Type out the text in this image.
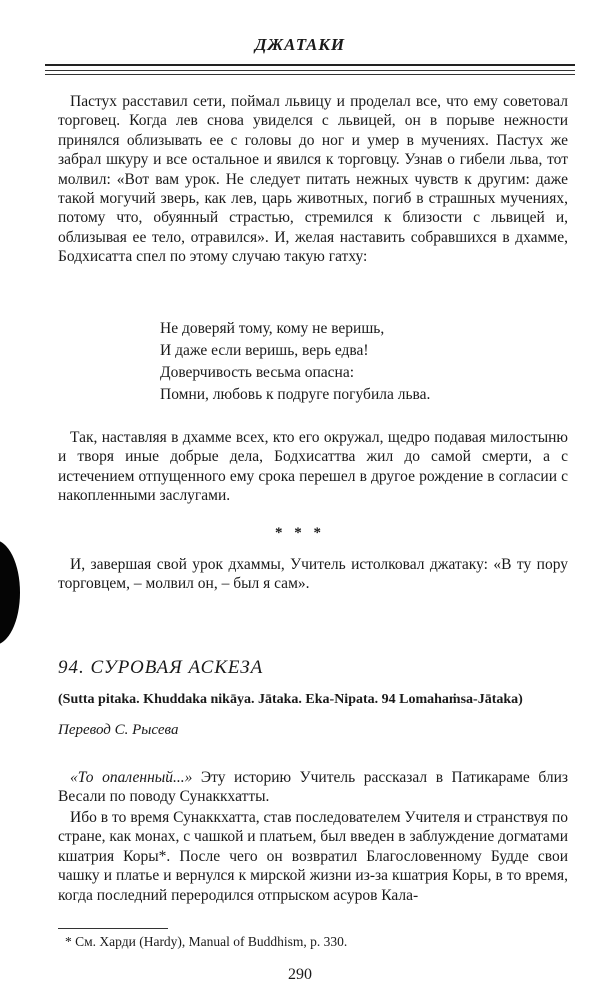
ДЖАТАКИ
Пастух расставил сети, поймал львицу и проделал все, что ему советовал торговец. Когда лев снова увиделся с львицей, он в порыве нежности принялся облизывать ее с головы до ног и умер в мучениях. Пастух же забрал шкуру и все остальное и явился к торговцу. Узнав о гибели льва, тот молвил: «Вот вам урок. Не следует питать нежных чувств к другим: даже такой могучий зверь, как лев, царь животных, погиб в страшных мучениях, потому что, обуянный страстью, стремился к близости с львицей и, облизывая ее тело, отравился». И, желая наставить собравшихся в дхамме, Бодхисатта спел по этому случаю такую гатху:
Не доверяй тому, кому не веришь,
И даже если веришь, верь едва!
Доверчивость весьма опасна:
Помни, любовь к подруге погубила льва.
Так, наставляя в дхамме всех, кто его окружал, щедро подавая милостыню и творя иные добрые дела, Бодхисаттва жил до самой смерти, а с истечением отпущенного ему срока перешел в другое рождение в согласии с накопленными заслугами.
* * *
И, завершая свой урок дхаммы, Учитель истолковал джатаку: «В ту пору торговцем, – молвил он, – был я сам».
94. СУРОВАЯ АСКЕЗА
(Sutta pitaka. Khuddaka nikāya. Jātaka. Eka-Nipata. 94 Lomahaṁsa-Jātaka)
Перевод С. Рысева
«То опаленный...» Эту историю Учитель рассказал в Патикараме близ Весали по поводу Сунаккхатты.
Ибо в то время Сунаккхатта, став последователем Учителя и странствуя по стране, как монах, с чашкой и платьем, был введен в заблуждение догматами кшатрия Коры*. После чего он возвратил Благословенному Будде свои чашку и платье и вернулся к мирской жизни из-за кшатрия Коры, в то время, когда последний переродился отпрыском асуров Кала-
* См. Харди (Hardy), Manual of Buddhism, p. 330.
290
